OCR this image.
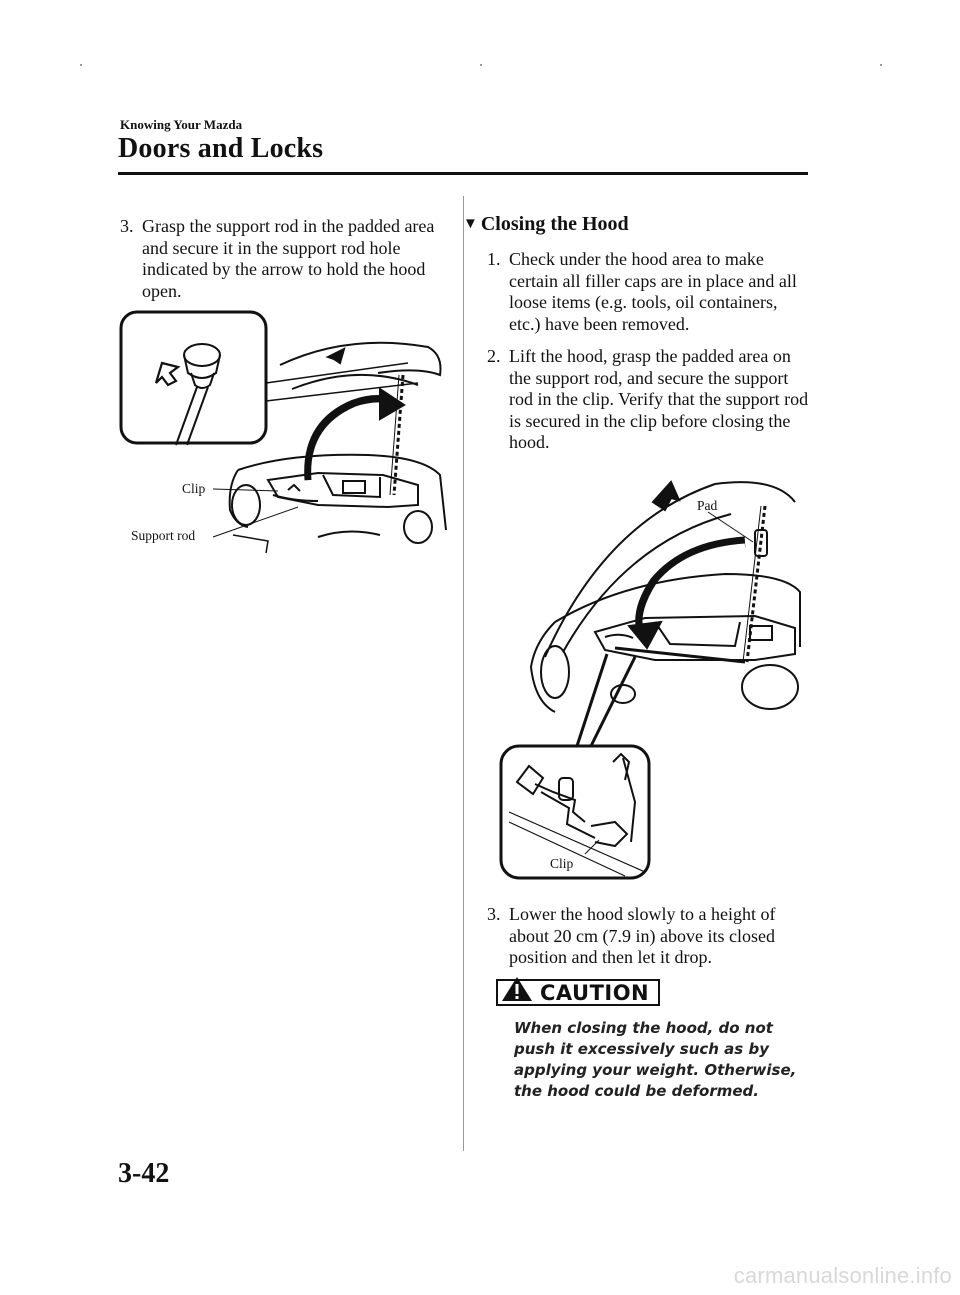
Knowing Your Mazda
Doors and Locks
3. Grasp the support rod in the padded area and secure it in the support rod hole indicated by the arrow to hold the hood open.
Clip
Support rod
▼ Closing the Hood
1. Check under the hood area to make certain all filler caps are in place and all loose items (e.g. tools, oil containers, etc.) have been removed.
2. Lift the hood, grasp the padded area on the support rod, and secure the support rod in the clip. Verify that the support rod is secured in the clip before closing the hood.
Pad
Clip
3. Lower the hood slowly to a height of about 20 cm (7.9 in) above its closed position and then let it drop.
CAUTION
When closing the hood, do not push it excessively such as by applying your weight. Otherwise, the hood could be deformed.
3-42
carmanualsonline.info
